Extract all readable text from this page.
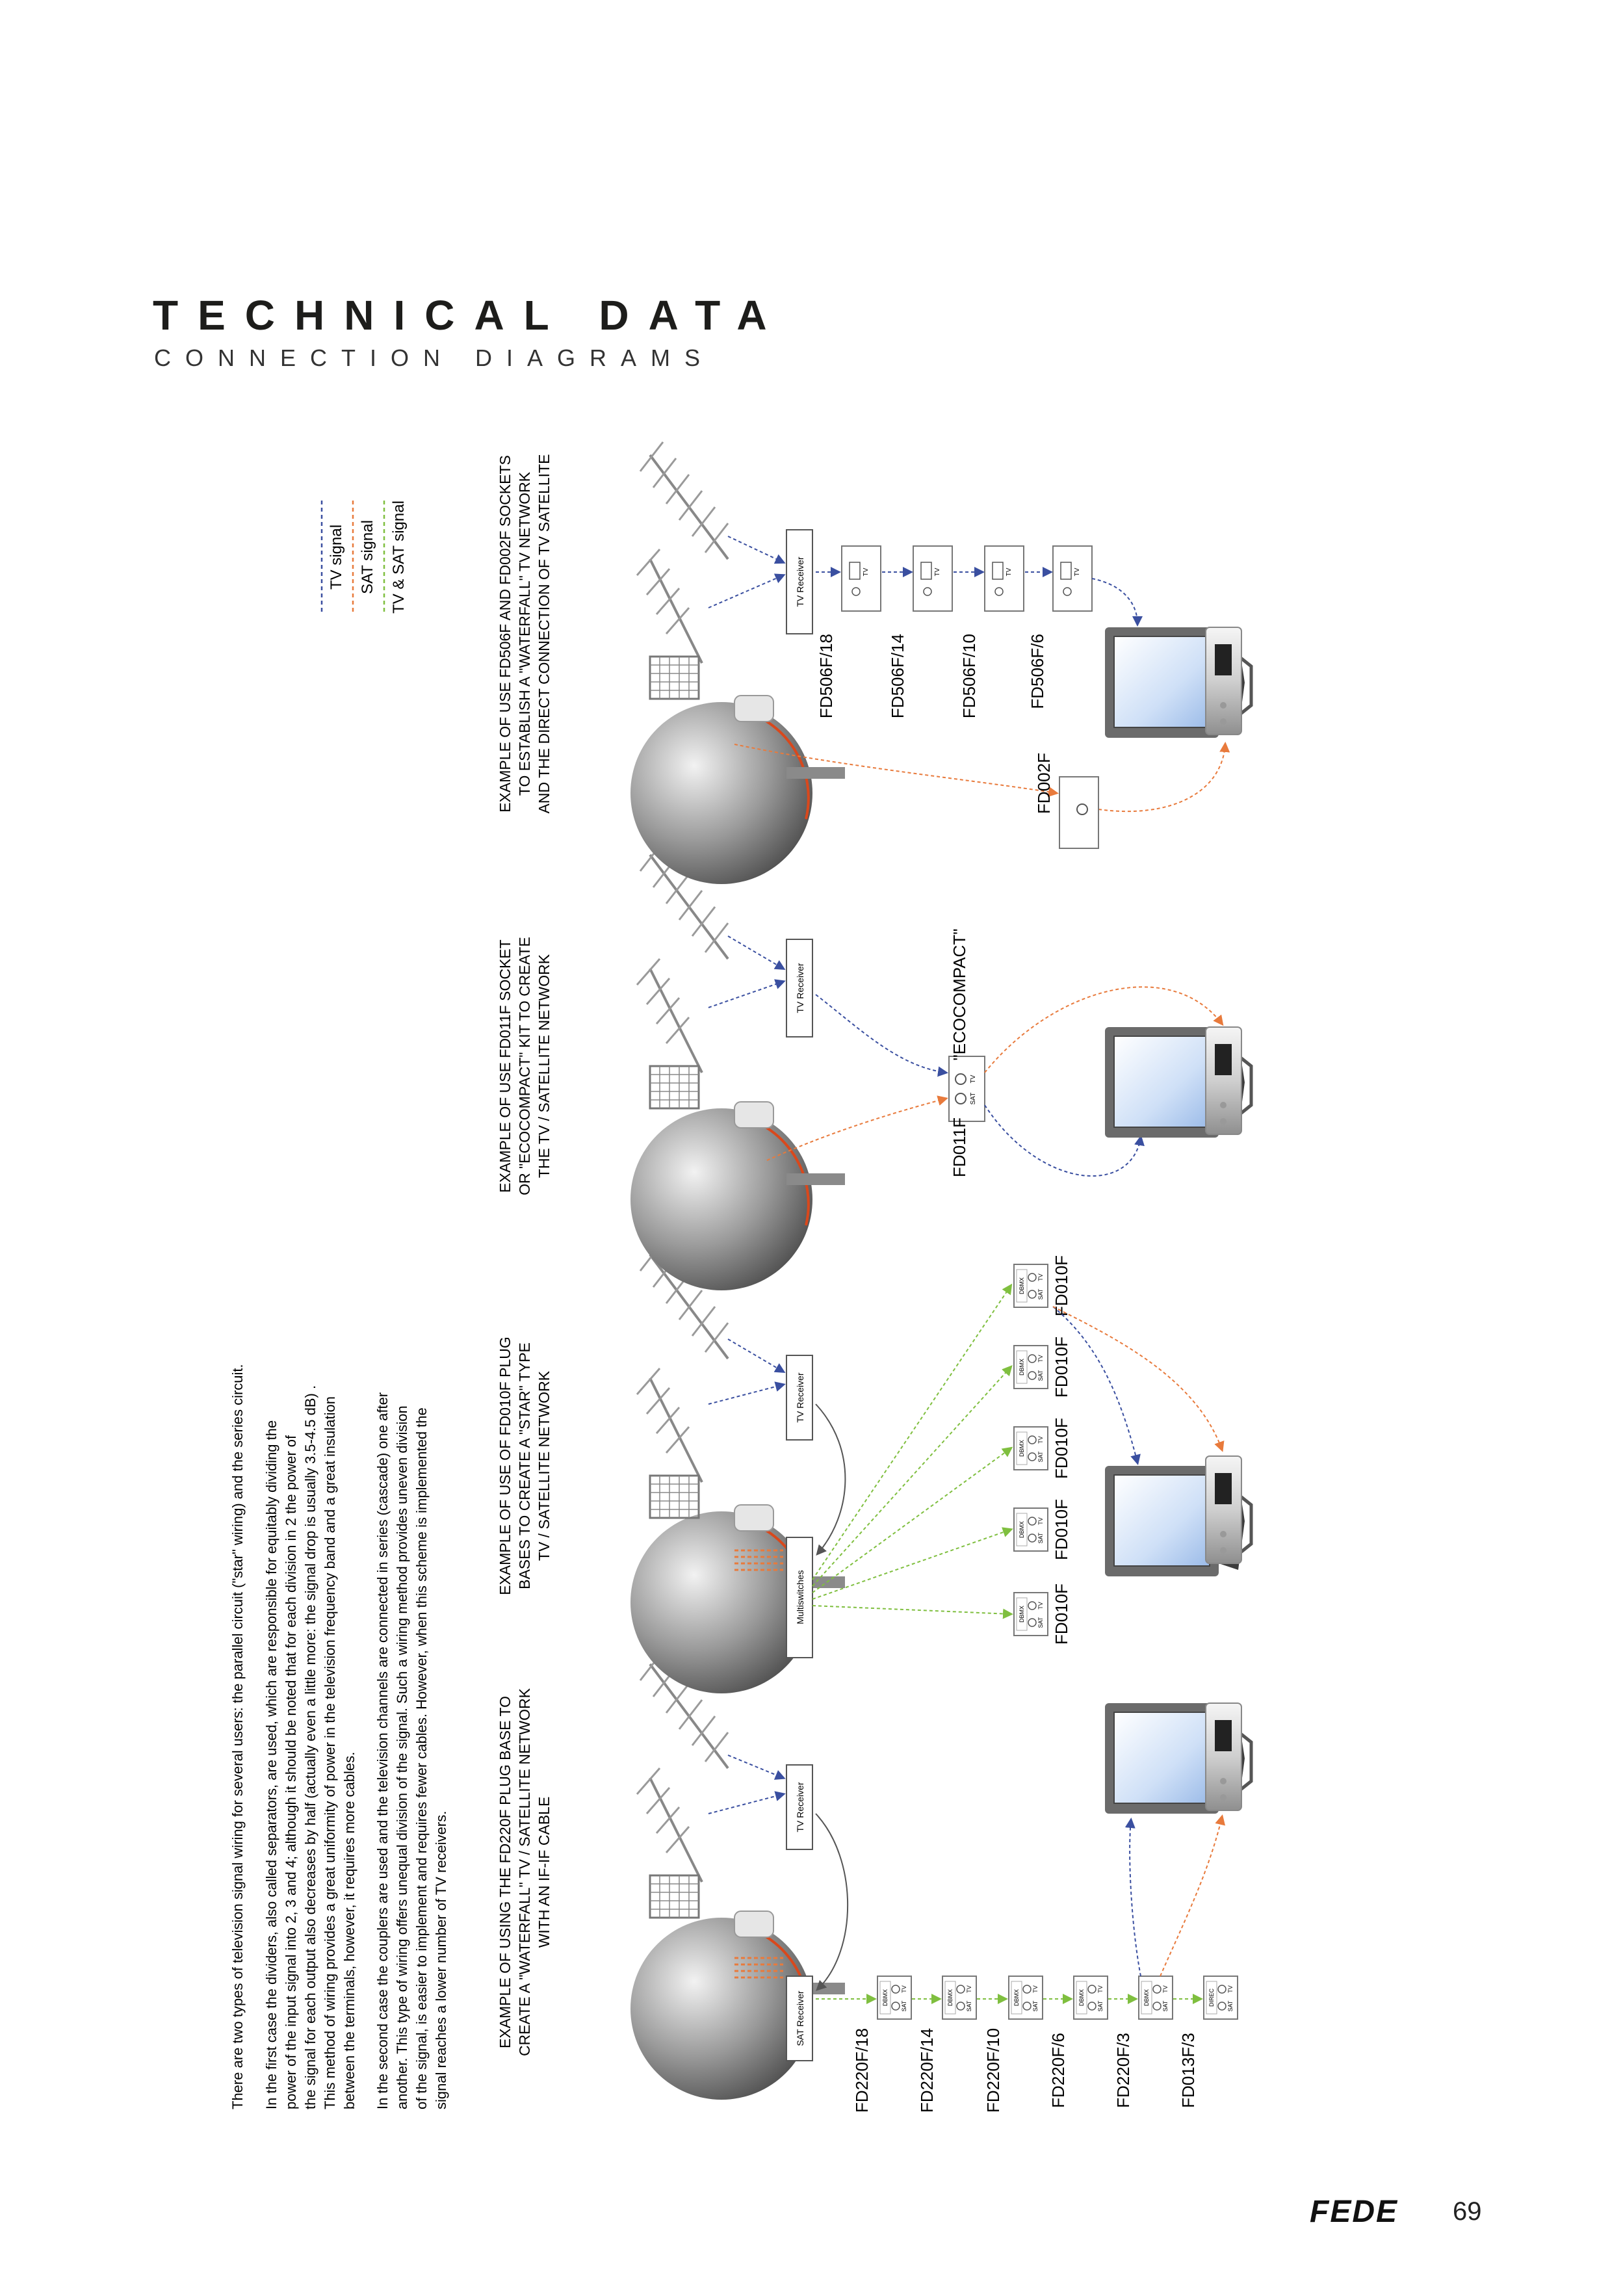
TECHNICAL DATA
CONNECTION DIAGRAMS
SAT Receiver
TV Receiver
DBMX TV
SAT
FD220F/18
DBMX TV
SAT
FD220F/14
DBMX TV
SAT
FD220F/10
DBMX TV
SAT
FD220F/6
DBMX TV
SAT
FD220F/3
DIREC TV
SAT
FD013F/3
EXAMPLE OF USING THE FD220F PLUG BASE TO CREATE A "WATERFALL" TV / SATELLITE NETWORK WITH AN IF-IF CABLE
Multiswitches
TV Receiver
DBMX TV
SAT FD010F
DBMX TV
SAT FD010F
DBMX TV
SAT FD010F
DBMX TV
SAT FD010F
DBMX TV
SAT FD010F
EXAMPLE OF USE OF FD010F PLUG BASES TO CREATE A "STAR" TYPE TV / SATELLITE NETWORK
TV Receiver
TV
SAT
FD011F
"ECOCOMPACT"
EXAMPLE OF USE FD011F SOCKET OR "ECOCOMPACT" KIT TO CREATE THE TV / SATELLITE NETWORK
TV Receiver	TV
FD506F/18
TV
FD506F/14
TV
FD506F/10
TV
FD506F/6
FD002F
EXAMPLE OF USE FD506F AND FD002F SOCKETS TO ESTABLISH A "WATERFALL" TV NETWORK AND THE DIRECT CONNECTION OF TV SATELLITE
TV signal SAT signal TV & SAT signal
There are two types of television signal wiring for several users: the parallel circuit ("star" wiring) and the series circuit. In the first case the dividers, also called separators, are used, which are responsible for equitably dividing the power of the input signal into 2, 3 and 4; although it should be noted that for each division in 2 the power of the signal for each output also decreases by half (actually even a little more: the signal drop is usually 3.5-4.5 dB) . This method of wiring provides a great uniformity of power in the television frequency band and a great insulation between the terminals, however, it requires more cables. In the second case the couplers are used and the television channels are connected in series (cascade) one after another. This type of wiring offers unequal division of the signal. Such a wiring method provides uneven division of the signal, is easier to implement and requires fewer cables. However, when this scheme is implemented the signal reaches a lower number of TV receivers.
FEDE 69
